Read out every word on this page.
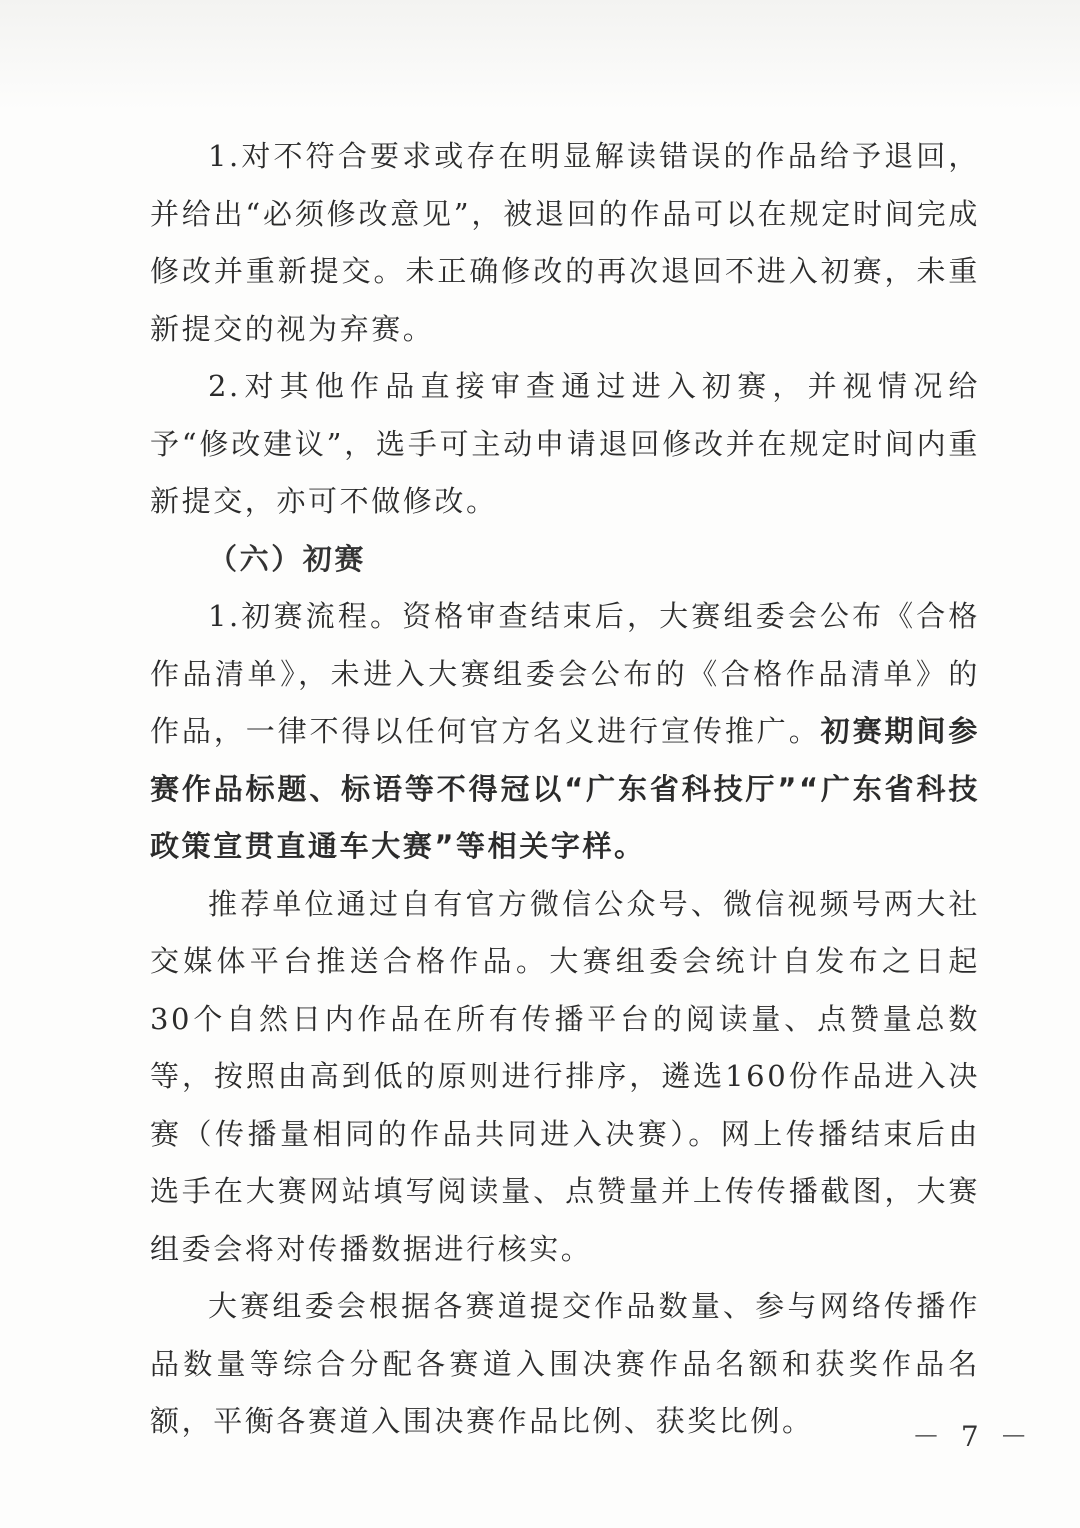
1.对不符合要求或存在明显解读错误的作品给予退回，并给出“必须修改意见”，被退回的作品可以在规定时间完成修改并重新提交。未正确修改的再次退回不进入初赛，未重新提交的视为弃赛。

2.对其他作品直接审查通过进入初赛，并视情况给予“修改建议”，选手可主动申请退回修改并在规定时间内重新提交，亦可不做修改。

（六）初赛

1.初赛流程。资格审查结束后，大赛组委会公布《合格作品清单》，未进入大赛组委会公布的《合格作品清单》的作品，一律不得以任何官方名义进行宣传推广。初赛期间参赛作品标题、标语等不得冠以“广东省科技厅”“广东省科技政策宣贯直通车大赛”等相关字样。

推荐单位通过自有官方微信公众号、微信视频号两大社交媒体平台推送合格作品。大赛组委会统计自发布之日起30个自然日内作品在所有传播平台的阅读量、点赞量总数等，按照由高到低的原则进行排序，遴选160份作品进入决赛（传播量相同的作品共同进入决赛）。网上传播结束后由选手在大赛网站填写阅读量、点赞量并上传传播截图，大赛组委会将对传播数据进行核实。

大赛组委会根据各赛道提交作品数量、参与网络传播作品数量等综合分配各赛道入围决赛作品名额和获奖作品名额，平衡各赛道入围决赛作品比例、获奖比例。	－ 7 －
